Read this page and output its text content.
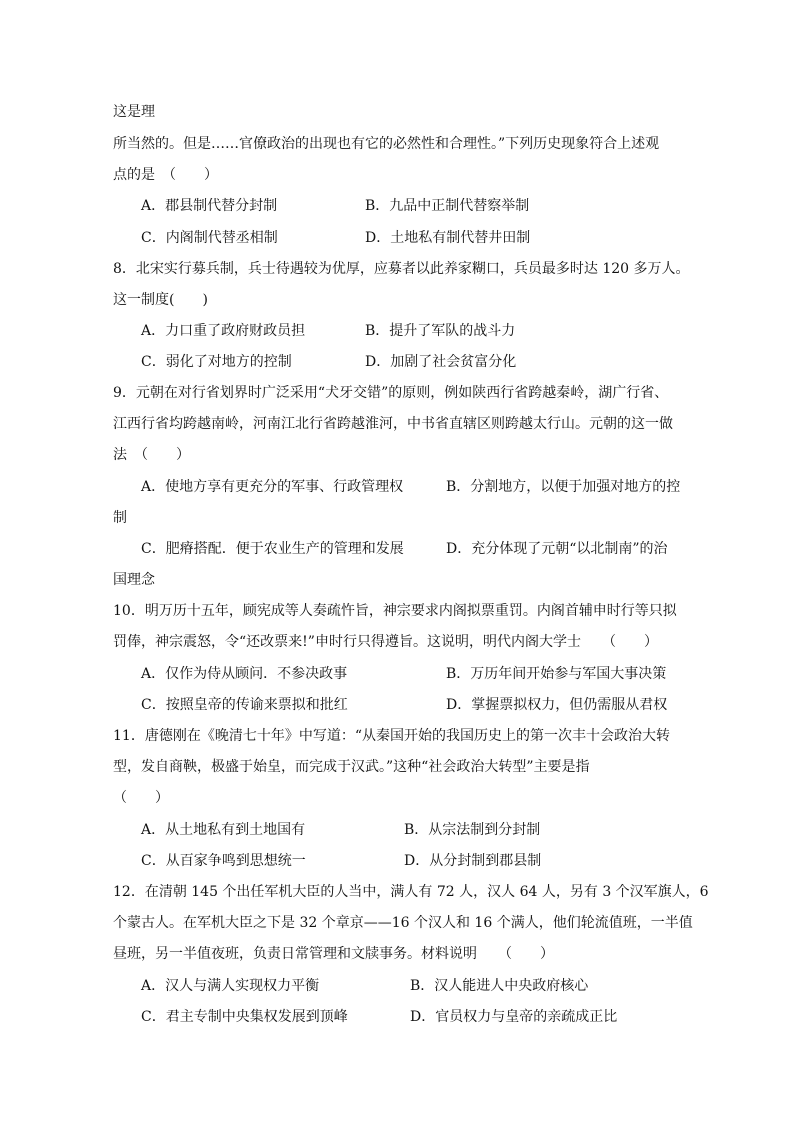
这是理
所当然的。但是……官僚政治的出现也有它的必然性和合理性。”下列历史现象符合上述观
点的是　（　　）
A．郡县制代替分封制	B．九品中正制代替察举制
C．内阁制代替丞相制	D．土地私有制代替井田制
8．北宋实行募兵制，兵士待遇较为优厚，应募者以此养家糊口，兵员最多时达 120 多万人。
这一制度(　　)
A．力口重了政府财政员担	B．提升了军队的战斗力
C．弱化了对地方的控制	D．加剧了社会贫富分化
9．元朝在对行省划界时广泛采用“犬牙交错”的原则，例如陕西行省跨越秦岭，湖广行省、
江西行省均跨越南岭，河南江北行省跨越淮河，中书省直辖区则跨越太行山。元朝的这一做
法　（　　）
A．使地方享有更充分的军事、行政管理权	B．分割地方，以便于加强对地方的控
制
C．肥瘠搭配．便于农业生产的管理和发展	D．充分体现了元朝“以北制南”的治
国理念
10．明万历十五年，顾宪成等人奏疏忤旨，神宗要求内阁拟票重罚。内阁首辅申时行等只拟
罚俸，神宗震怒，令“还改票来!”申时行只得遵旨。这说明，明代内阁大学士　　（　　）
A．仅作为侍从顾问．不参决政事	B．万历年间开始参与军国大事决策
C．按照皇帝的传谕来票拟和批红	D．掌握票拟权力，但仍需服从君权
11．唐德刚在《晚清七十年》中写道：“从秦国开始的我国历史上的第一次丰十会政治大转
型，发自商鞅，极盛于始皇，而完成于汉武。”这种“社会政治大转型”主要是指
（　　）
A．从土地私有到土地国有	B．从宗法制到分封制
C．从百家争鸣到思想统一	D．从分封制到郡县制
12．在清朝 145 个出任军机大臣的人当中，满人有 72 人，汉人 64 人，另有 3 个汉军旗人，6
个蒙古人。在军机大臣之下是 32 个章京——16 个汉人和 16 个满人，他们轮流值班，一半值
昼班，另一半值夜班，负责日常管理和文牍事务。材料说明　　（　　）
A．汉人与满人实现权力平衡	B．汉人能进人中央政府核心
C．君主专制中央集权发展到顶峰	D．官员权力与皇帝的亲疏成正比
